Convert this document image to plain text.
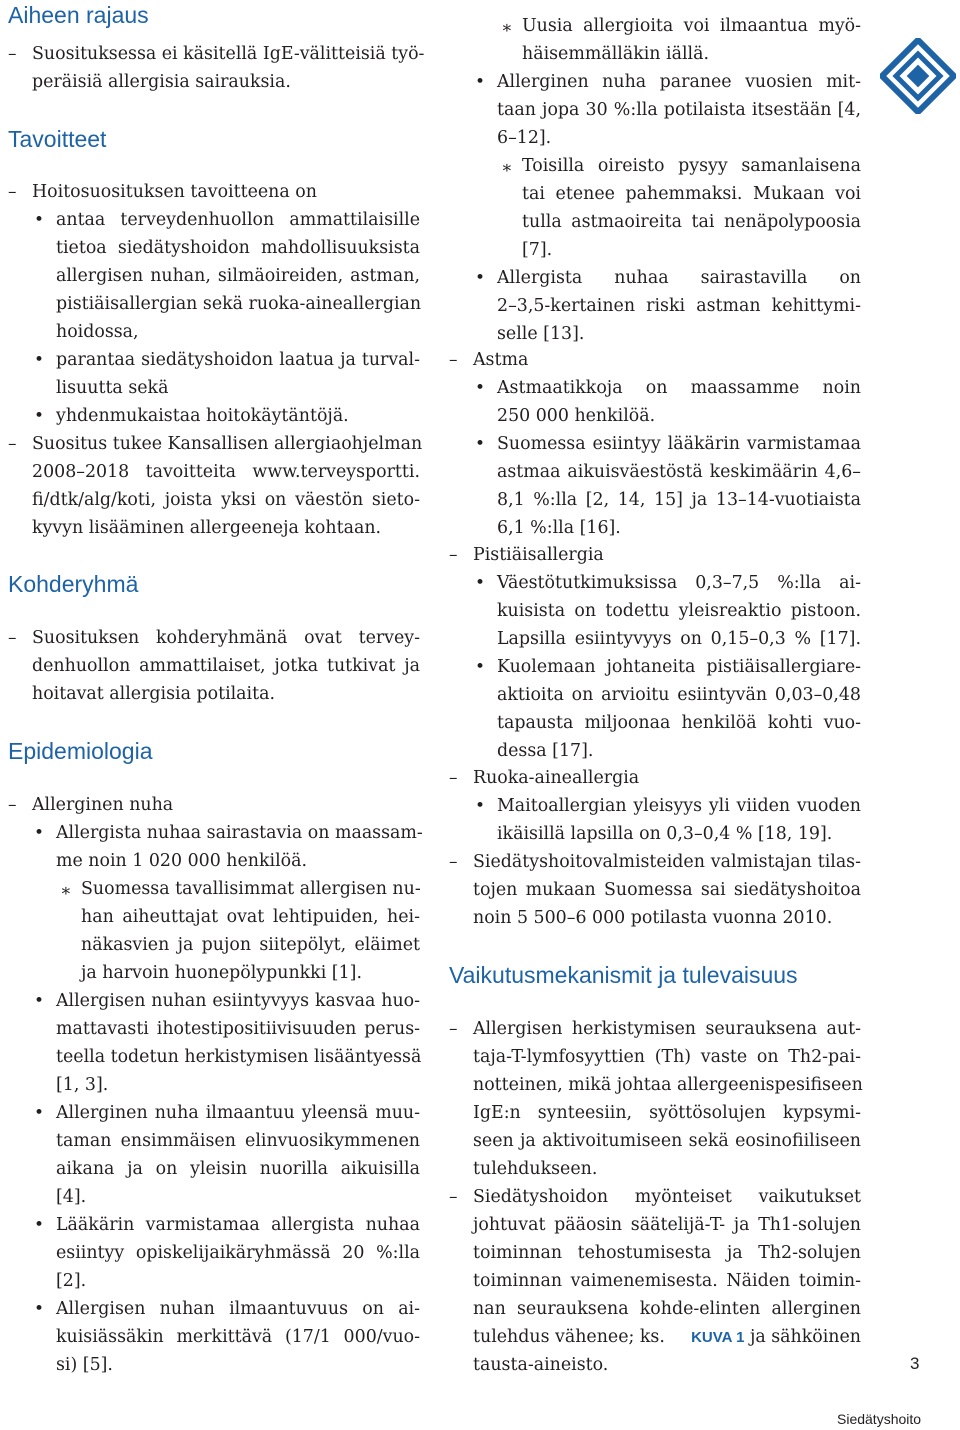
Aiheen rajaus
Suosituksessa ei käsitellä IgE-välitteisiä työ-
peräisiä allergisia sairauksia.
Tavoitteet
Hoitosuosituksen tavoitteena on
antaa terveydenhuollon ammattilaisille
tietoa siedätyshoidon mahdollisuuksista
allergisen nuhan, silmäoireiden, astman,
pistiäisallergian sekä ruoka-aineallergian
hoidossa,
parantaa siedätyshoidon laatua ja turval-
lisuutta sekä
yhdenmukaistaa hoitokäytäntöjä.
Suositus tukee Kansallisen allergiaohjelman
2008–2018 tavoitteita www.terveysportti.
fi/dtk/alg/koti, joista yksi on väestön sieto-
kyvyn lisääminen allergeeneja kohtaan.
Kohderyhmä
Suosituksen kohderyhmänä ovat tervey-
denhuollon ammattilaiset, jotka tutkivat ja
hoitavat allergisia potilaita.
Epidemiologia
Allerginen nuha
Allergista nuhaa sairastavia on maassam-
me noin 1 020 000 henkilöä.
Suomessa tavallisimmat allergisen nu-
han aiheuttajat ovat lehtipuiden, hei-
näkasvien ja pujon siitepölyt, eläimet
ja harvoin huonepölypunkki [1].
Allergisen nuhan esiintyvyys kasvaa huo-
mattavasti ihotestipositiivisuuden perus-
teella todetun herkistymisen lisääntyessä
[1, 3].
Allerginen nuha ilmaantuu yleensä muu-
taman ensimmäisen elinvuosikymmenen
aikana ja on yleisin nuorilla aikuisilla
[4].
Lääkärin varmistamaa allergista nuhaa
esiintyy opiskelijaikäryhmässä 20 %:lla
[2].
Allergisen nuhan ilmaantuvuus on ai-
kuisiässäkin merkittävä (17/1 000/vuo-
si) [5].
–
–
•
•
•
–
–
–
•
∗
•
•
•
•
Uusia allergioita voi ilmaantua myö-
häisemmälläkin iällä.
Allerginen nuha paranee vuosien mit-
taan jopa 30 %:lla potilaista itsestään [4,
6–12].
Toisilla oireisto pysyy samanlaisena
tai etenee pahemmaksi. Mukaan voi
tulla astmaoireita tai nenäpolypoosia
[7].
Allergista nuhaa sairastavilla on
2–3,5-kertainen riski astman kehittymi-
selle [13].
Astma
Astmaatikkoja on maassamme noin
250 000 henkilöä.
Suomessa esiintyy lääkärin varmistamaa
astmaa aikuisväestöstä keskimäärin 4,6–
8,1 %:lla [2, 14, 15] ja 13–14-vuotiaista
6,1 %:lla [16].
Pistiäisallergia
Väestötutkimuksissa 0,3–7,5 %:lla ai-
kuisista on todettu yleisreaktio pistoon.
Lapsilla esiintyvyys on 0,15–0,3 % [17].
Kuolemaan johtaneita pistiäisallergiare-
aktioita on arvioitu esiintyvän 0,03–0,48
tapausta miljoonaa henkilöä kohti vuo-
dessa [17].
Ruoka-aineallergia
Maitoallergian yleisyys yli viiden vuoden
ikäisillä lapsilla on 0,3–0,4 % [18, 19].
Siedätyshoitovalmisteiden valmistajan tilas-
tojen mukaan Suomessa sai siedätyshoitoa
noin 5 500–6 000 potilasta vuonna 2010.
Vaikutusmekanismit ja tulevaisuus
Allergisen herkistymisen seurauksena aut-
taja-T-lymfosyyttien (Th) vaste on Th2-pai-
notteinen, mikä johtaa allergeenispesifiseen
IgE:n synteesiin, syöttösolujen kypsymi-
seen ja aktivoitumiseen sekä eosinofiiliseen
tulehdukseen.
Siedätyshoidon myönteiset vaikutukset
johtuvat pääosin säätelijä-T- ja Th1-solujen
toiminnan tehostumisesta ja Th2-solujen
toiminnan vaimenemisesta. Näiden toimin-
nan seurauksena kohde-elinten allerginen
tulehdus vähenee; ks. KUVA 1 ja sähköinen
tausta-aineisto.
∗
•
∗
•
–
•
•
–
•
•
–
•
–
–
–
3
Siedätyshoito
